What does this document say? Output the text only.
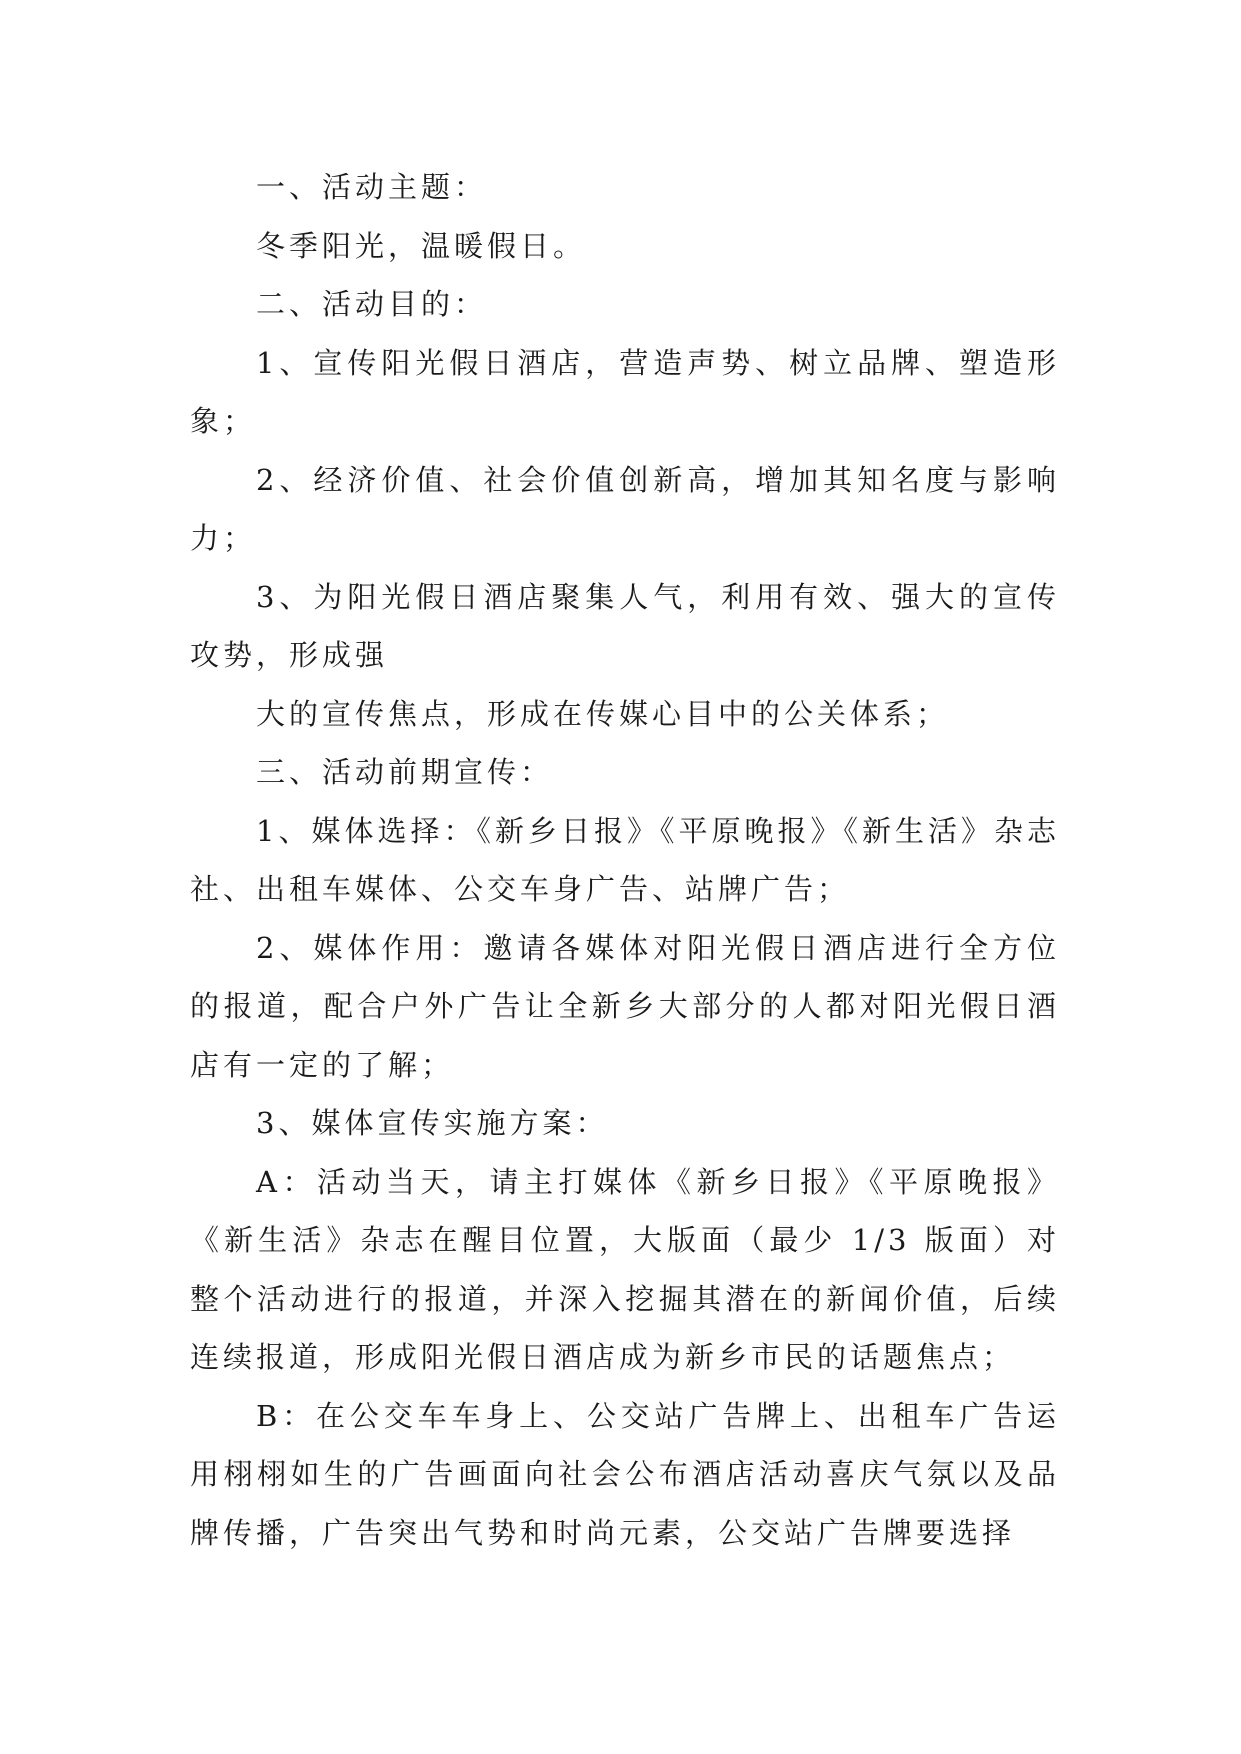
一、活动主题：

冬季阳光，温暖假日。

二、活动目的：

1、宣传阳光假日酒店，营造声势、树立品牌、塑造形象；

2、经济价值、社会价值创新高，增加其知名度与影响力；

3、为阳光假日酒店聚集人气，利用有效、强大的宣传攻势，形成强

大的宣传焦点，形成在传媒心目中的公关体系；

三、活动前期宣传：

1、媒体选择：《新乡日报》《平原晚报》《新生活》杂志社、出租车媒体、公交车身广告、站牌广告；

2、媒体作用：邀请各媒体对阳光假日酒店进行全方位的报道，配合户外广告让全新乡大部分的人都对阳光假日酒店有一定的了解；

3、媒体宣传实施方案：

A：活动当天，请主打媒体《新乡日报》《平原晚报》《新生活》杂志在醒目位置，大版面（最少 1/3 版面）对整个活动进行的报道，并深入挖掘其潜在的新闻价值，后续连续报道，形成阳光假日酒店成为新乡市民的话题焦点；

B：在公交车车身上、公交站广告牌上、出租车广告运用栩栩如生的广告画面向社会公布酒店活动喜庆气氛以及品牌传播，广告突出气势和时尚元素，公交站广告牌要选择
